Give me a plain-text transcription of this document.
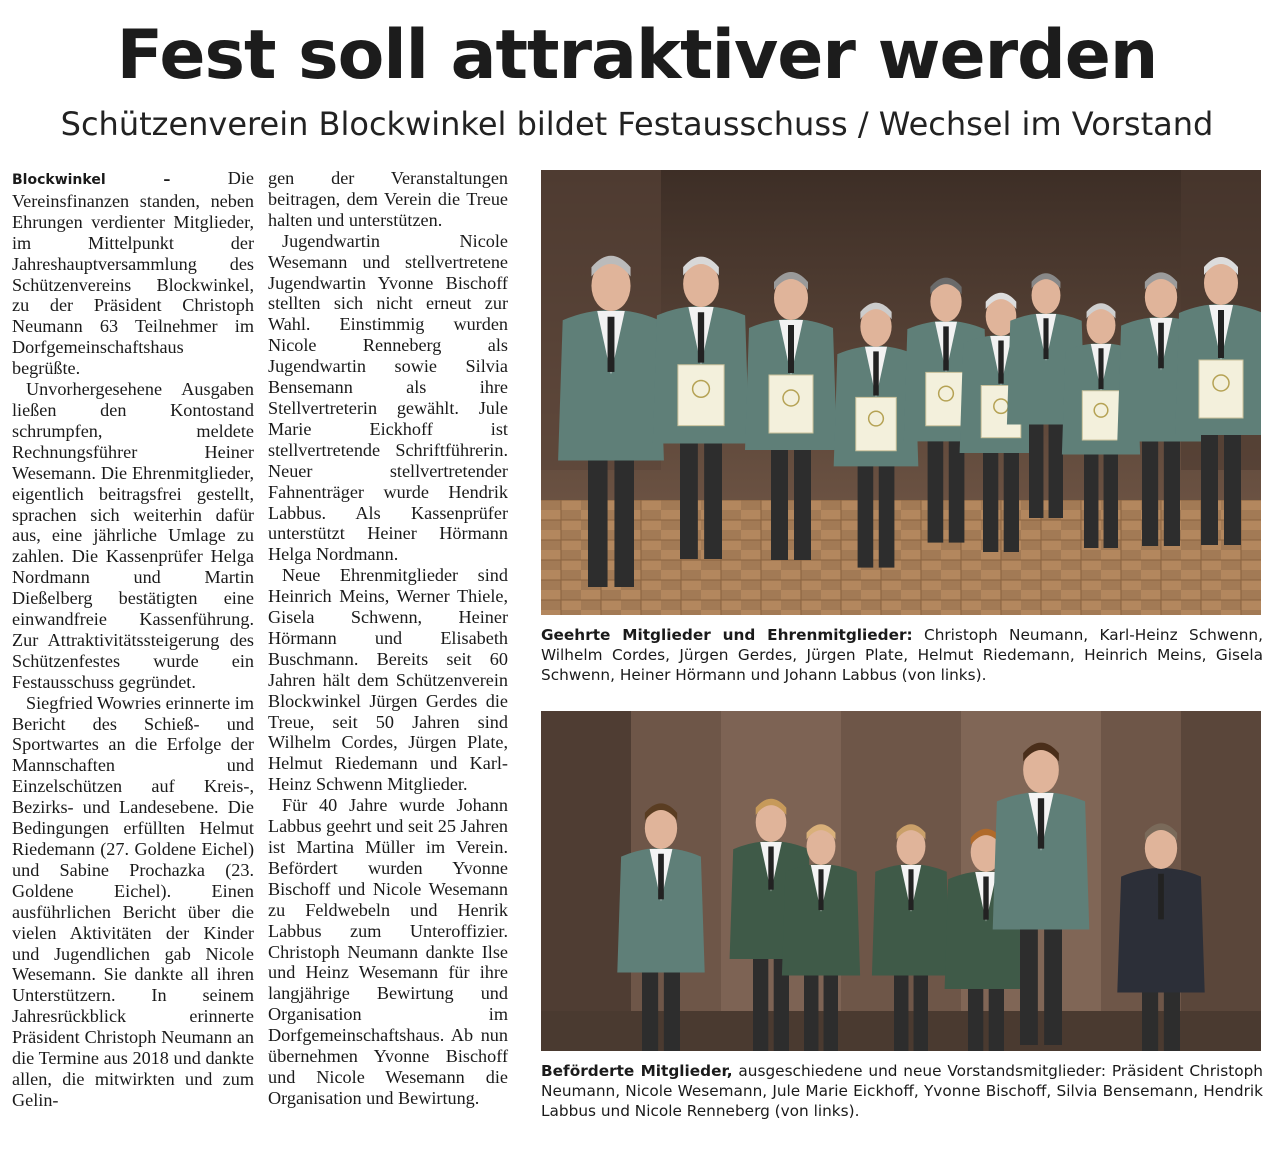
Fest soll attraktiver werden
Schützenverein Blockwinkel bildet Festausschuss / Wechsel im Vorstand

Blockwinkel –	Die Vereinsfinanzen standen, neben Ehrungen verdienter Mitglieder, im Mittelpunkt der Jahreshauptversammlung des Schützenvereins Blockwinkel, zu der Präsident Christoph Neumann 63 Teilnehmer im Dorfgemeinschaftshaus begrüßte.

Unvorhergesehene Ausgaben ließen den Kontostand schrumpfen, meldete Rechnungsführer Heiner Wesemann. Die Ehrenmitglieder, eigentlich beitragsfrei gestellt, sprachen sich weiterhin dafür aus, eine jährliche Umlage zu zahlen. Die Kassenprüfer Helga Nordmann und Martin Dießelberg bestätigten eine einwandfreie Kassenführung. Zur Attraktivitätssteigerung des Schützenfestes wurde ein Festausschuss gegründet.

Siegfried Wowries erinnerte im Bericht des Schieß- und Sportwartes an die Erfolge der Mannschaften und Einzelschützen auf Kreis-, Bezirks- und Landesebene. Die Bedingungen erfüllten Helmut Riedemann (27. Goldene Eichel) und Sabine Prochazka (23. Goldene Eichel). Einen ausführlichen Bericht über die vielen Aktivitäten der Kinder und Jugendlichen gab Nicole Wesemann. Sie dankte all ihren Unterstützern. In seinem Jahresrückblick erinnerte Präsident Christoph Neumann an die Termine aus 2018 und dankte allen, die mitwirkten und zum Gelin-

gen der Veranstaltungen beitragen, dem Verein die Treue halten und unterstützen.

Jugendwartin Nicole Wesemann und stellvertretene Jugendwartin Yvonne Bischoff stellten sich nicht erneut zur Wahl. Einstimmig wurden Nicole Renneberg als Jugendwartin sowie Silvia Bensemann als ihre Stellvertreterin gewählt. Jule Marie Eickhoff ist stellvertretende Schriftführerin. Neuer stellvertretender Fahnenträger wurde Hendrik Labbus. Als Kassenprüfer unterstützt Heiner Hörmann Helga Nordmann.

Neue Ehrenmitglieder sind Heinrich Meins, Werner Thiele, Gisela Schwenn, Heiner Hörmann und Elisabeth Buschmann. Bereits seit 60 Jahren hält dem Schützenverein Blockwinkel Jürgen Gerdes die Treue, seit 50 Jahren sind Wilhelm Cordes, Jürgen Plate, Helmut Riedemann und Karl-Heinz Schwenn Mitglieder.

Für 40 Jahre wurde Johann Labbus geehrt und seit 25 Jahren ist Martina Müller im Verein. Befördert wurden Yvonne Bischoff und Nicole Wesemann zu Feldwebeln und Henrik Labbus zum Unteroffizier. Christoph Neumann dankte Ilse und Heinz Wesemann für ihre langjährige Bewirtung und Organisation im Dorfgemeinschaftshaus. Ab nun übernehmen Yvonne Bischoff und Nicole Wesemann die Organisation und Bewirtung.

Geehrte Mitglieder und Ehrenmitglieder: Christoph Neumann, Karl-Heinz Schwenn, Wilhelm Cordes, Jürgen Gerdes, Jürgen Plate, Helmut Riedemann, Heinrich Meins, Gisela Schwenn, Heiner Hörmann und Johann Labbus (von links).
Beförderte Mitglieder, ausgeschiedene und neue Vorstandsmitglieder: Präsident Christoph Neumann, Nicole Wesemann, Jule Marie Eickhoff, Yvonne Bischoff, Silvia Bensemann, Hendrik Labbus und Nicole Renneberg (von links).
